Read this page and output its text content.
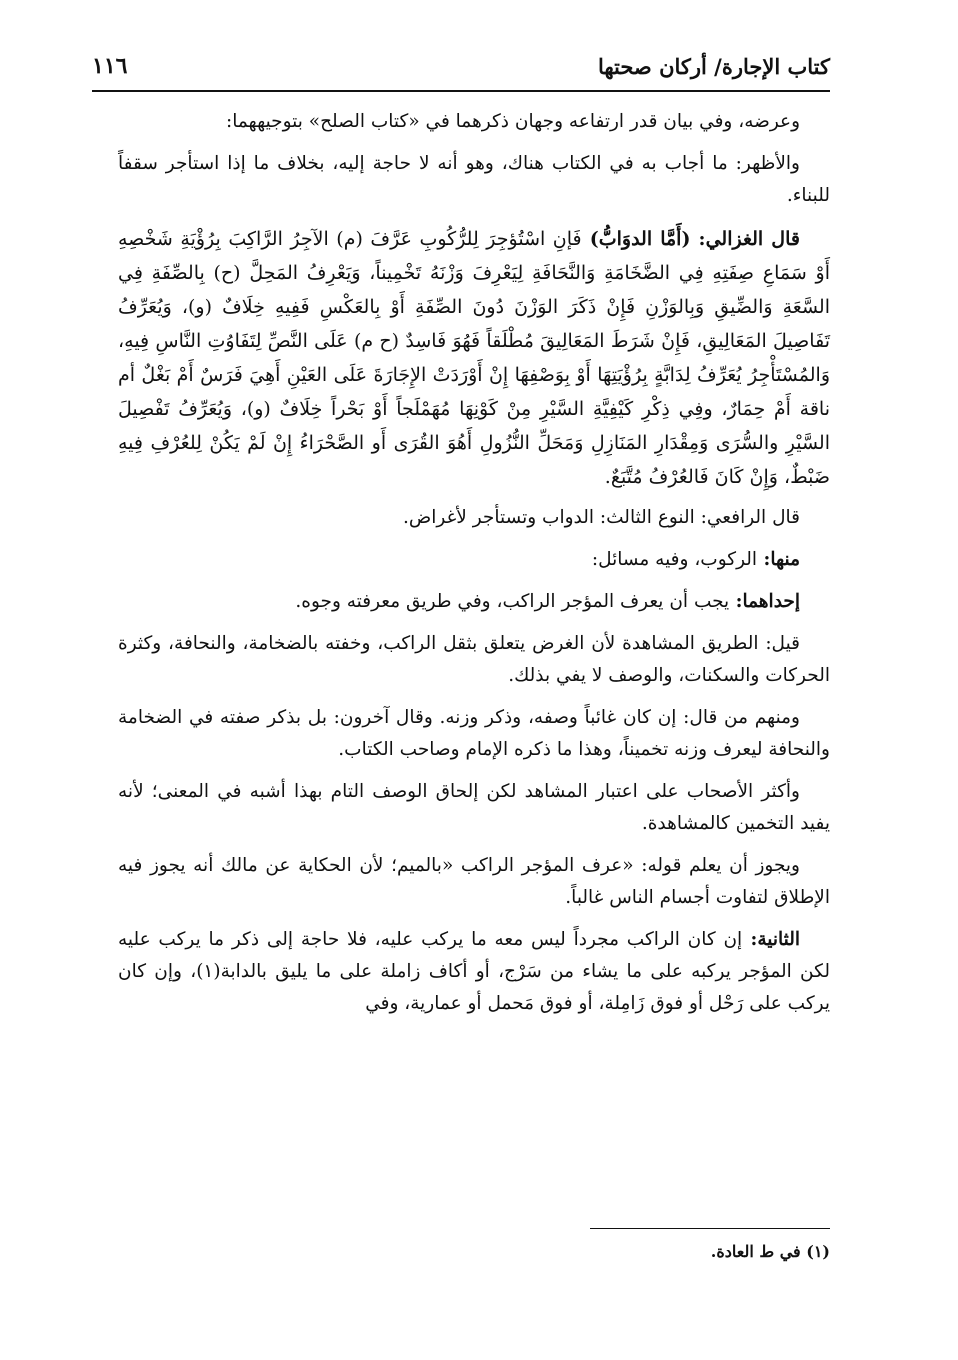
١١٦	كتاب الإجارة/ أركان صحتها

وعرضه، وفي بيان قدر ارتفاعه وجهان ذكرهما في «كتاب الصلح» بتوجيههما:

والأظهر: ما أجاب به في الكتاب هناك، وهو أنه لا حاجة إليه، بخلاف ما إذا استأجر سقفاً للبناء.

قال الغزالي: (أَمَّا الدوَابُّ) فَإنِ اسْتُؤجِرَ لِلرُّكُوبِ عَرَّفَ (م) الآجِرُ الرَّاكِبَ بِرُؤْيَةِ شَخْصِهِ أَوْ سَمَاعِ صِفَتِهِ فِي الضَّخَامَةِ وَالنَّحَافَةِ لِيَعْرِفَ وَزْنَهُ تَخْمِيناً، وَيَعْرِفُ المَحِلَّ (ح) بِالصِّفَةِ فِي السَّعَةِ وَالضِّيقِ وَبِالوَزْنِ فَإِنْ ذَكَرَ الوَزْنَ دُونَ الصِّفَةِ أَوْ بِالعَكْسِ فَفِيهِ خِلَافٌ (و)، وَيُعَرِّفُ تَفَاصِيلَ المَعَالِيقِ، فَإِنْ شَرَطَ المَعَالِيقَ مُطْلَقاً فَهُوَ فَاسِدٌ (ح م) عَلَى النَّصِّ لِتَفَاوُتِ النَّاسِ فِيهِ، وَالمُسْتَأْجِرُ يُعَرِّفُ لِدَابَّةٍ بِرُؤْيَتِهَا أَوْ بِوَصْفِهَا إِنْ أَوْرَدَتْ الإِجَارَةَ عَلَى العَيْنِ أَهِيَ فَرَسٌ أَمْ بَغْلٌ أم ناقة أَمْ حِمَارٌ، وفِي ذِكْرِ كَيْفِيَّةِ السَّيْرِ مِنْ كَوْنِهَا مُهَمْلَجاً أَوْ بَحْراً خِلَافٌ (و)، وَيُعَرِّفُ تَفْصِيلَ السَّيْرِ والسُّرَى وَمِقْدَارِ المَنَازِلِ وَمَحَلِّ النُّزُولِ أَهُوَ القُرَى أَو الصَّحْرَاءُ إِنْ لَمْ يَكُنْ لِلعُرْفِ فِيهِ ضَبْطٌ، وَإِنْ كَانَ فَالعُرْفُ مُتَّبَعٌ.

قال الرافعي: النوع الثالث: الدواب وتستأجر لأغراض.

منها: الركوب، وفيه مسائل:

إحداهما: يجب أن يعرف المؤجر الراكب، وفي طريق معرفته وجوه.

قيل: الطريق المشاهدة لأن الغرض يتعلق بثقل الراكب، وخفته بالضخامة، والنحافة، وكثرة الحركات والسكنات، والوصف لا يفي بذلك.

ومنهم من قال: إن كان غائباً وصفه، وذكر وزنه. وقال آخرون: بل بذكر صفته في الضخامة والنحافة ليعرف وزنه تخميناً، وهذا ما ذكره الإمام وصاحب الكتاب.

وأكثر الأصحاب على اعتبار المشاهد لكن إلحاق الوصف التام بهذا أشبه في المعنى؛ لأنه يفيد التخمين كالمشاهدة.

ويجوز أن يعلم قوله: «عرف المؤجر الراكب «بالميم؛ لأن الحكاية عن مالك أنه يجوز فيه الإطلاق لتفاوت أجسام الناس غالباً.

الثانية: إن كان الراكب مجرداً ليس معه ما يركب عليه، فلا حاجة إلى ذكر ما يركب عليه لكن المؤجر يركبه على ما يشاء من سَرْج، أو أكاف زاملة على ما يليق بالدابة(١)، وإن كان يركب على رَحْل أو فوق زَامِلة، أو فوق مَحمل أو عمارية، وفي

(١) في ط العادة.
